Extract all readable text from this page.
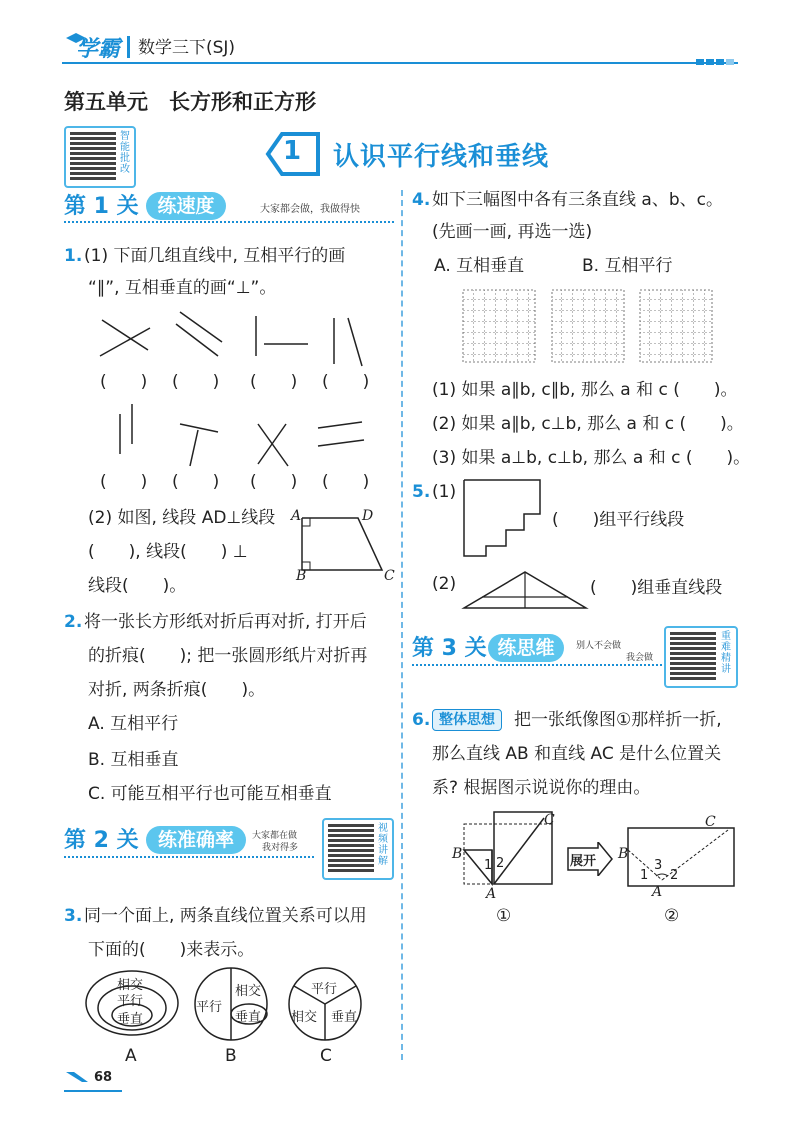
学霸 数学三下(SJ)
第五单元　长方形和正方形
智能批改
1 认识平行线和垂线
第 1 关 练速度	大家都会做，我做得快
1. (1) 下面几组直线中, 互相平行的画
“∥”, 互相垂直的画“⊥”。
(　　) (　　) (　　) (　　)
(　　) (　　) (　　) (　　)
(2) 如图, 线段 AD⊥线段
(　　), 线段(　　) ⊥
线段(　　)。
A	D
B	C
2. 将一张长方形纸对折后再对折, 打开后
的折痕(　　); 把一张圆形纸片对折再
对折, 两条折痕(　　)。
A. 互相平行
B. 互相垂直
C. 可能互相平行也可能互相垂直
第 2 关	练准确率	大家都在做
我对得多
视频讲解
3. 同一个面上, 两条直线位置关系可以用
下面的(　　)来表示。
相交
平行
垂直
A
平行
相交
垂直
B
平行
相交 垂直
C
68
4. 如下三幅图中各有三条直线 a、b、c。
(先画一画, 再选一选)
A. 互相垂直	B. 互相平行
(1) 如果 a∥b, c∥b, 那么 a 和 c (　　)。
(2) 如果 a∥b, c⊥b, 那么 a 和 c (　　)。
(3) 如果 a⊥b, c⊥b, 那么 a 和 c (　　)。
5. (1)
(　　)组平行线段
(2)	(　　)组垂直线段
第 3 关 练思维	别人不会做
我会做
重难精讲
6. 整体思想	把一张纸像图①那样折一折,
那么直线 AB 和直线 AC 是什么位置关
系? 根据图示说说你的理由。
B
C
A
1 2
①
展开 B
C
A
1
3
2
②
